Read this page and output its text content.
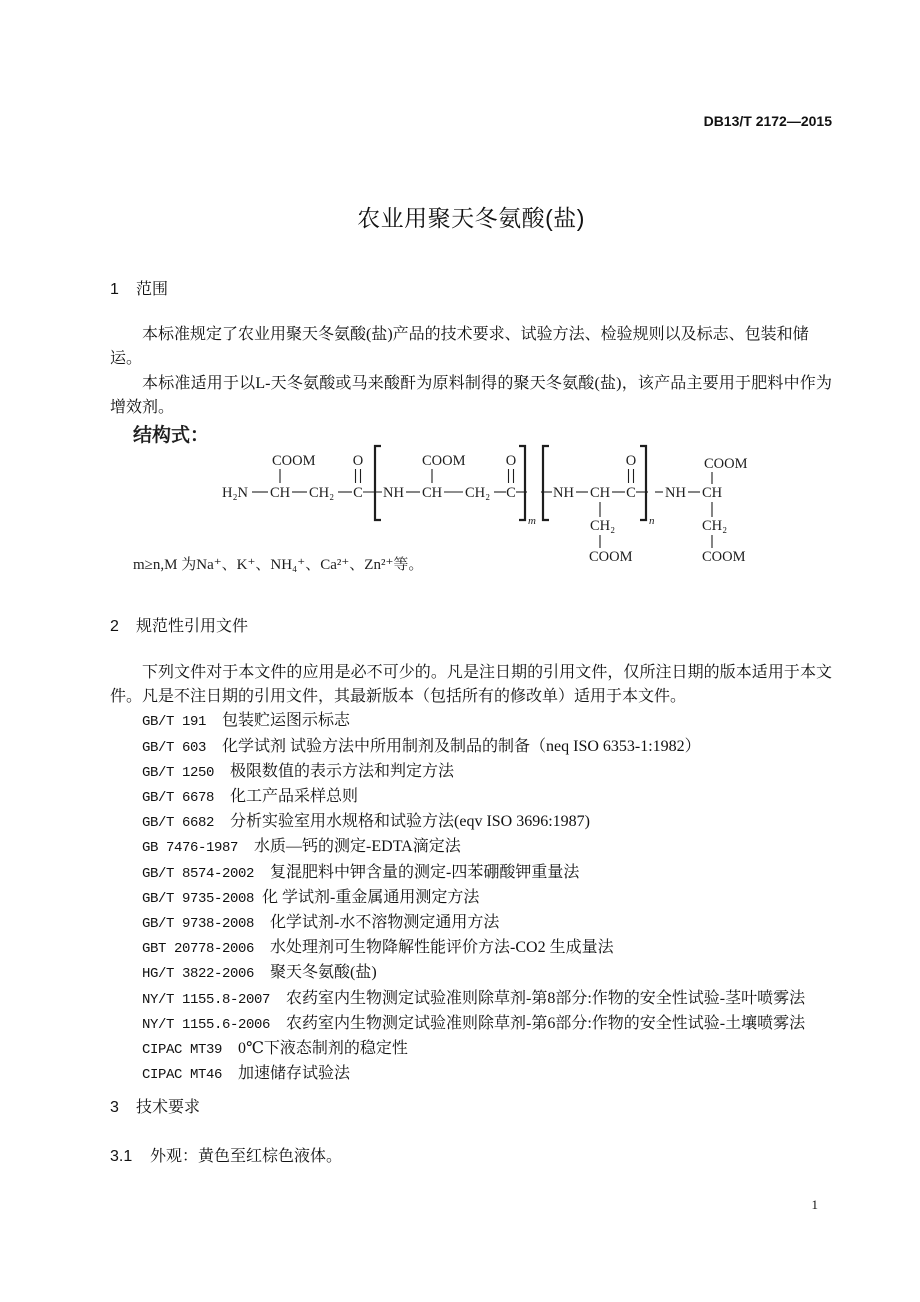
DB13/T 2172—2015
农业用聚天冬氨酸(盐)
1 范围
本标准规定了农业用聚天冬氨酸(盐)产品的技术要求、试验方法、检验规则以及标志、包装和储运。
本标准适用于以L-天冬氨酸或马来酸酐为原料制得的聚天冬氨酸(盐)，该产品主要用于肥料中作为
增效剂。
结构式：
COOM
H₂N CH CH₂ C
O
NH CH
COOM
CH₂ C
O
m
NH CH C
O
n
CH₂
COOM
NH CH
COOM
CH₂
COOM
m≥n,M 为Na⁺、K⁺、NH₄⁺、Ca²⁺、Zn²⁺等。
2 规范性引用文件
下列文件对于本文件的应用是必不可少的。凡是注日期的引用文件，仅所注日期的版本适用于本文
件。凡是不注日期的引用文件，其最新版本（包括所有的修改单）适用于本文件。
GB/T 191  包装贮运图示标志
GB/T 603  化学试剂 试验方法中所用制剂及制品的制备（neq ISO 6353-1:1982）
GB/T 1250  极限数值的表示方法和判定方法
GB/T 6678  化工产品采样总则
GB/T 6682  分析实验室用水规格和试验方法(eqv ISO 3696:1987)
GB 7476-1987  水质—钙的测定-EDTA滴定法
GB/T 8574-2002  复混肥料中钾含量的测定-四苯硼酸钾重量法
GB/T 9735-2008 化 学试剂-重金属通用测定方法
GB/T 9738-2008  化学试剂-水不溶物测定通用方法
GBT 20778-2006  水处理剂可生物降解性能评价方法-CO2 生成量法
HG/T 3822-2006  聚天冬氨酸(盐)
NY/T 1155.8-2007  农药室内生物测定试验准则除草剂-第8部分:作物的安全性试验-茎叶喷雾法
NY/T 1155.6-2006  农药室内生物测定试验准则除草剂-第6部分:作物的安全性试验-土壤喷雾法
CIPAC MT39  0℃下液态制剂的稳定性
CIPAC MT46  加速储存试验法
3 技术要求
3.1 外观：黄色至红棕色液体。
1
